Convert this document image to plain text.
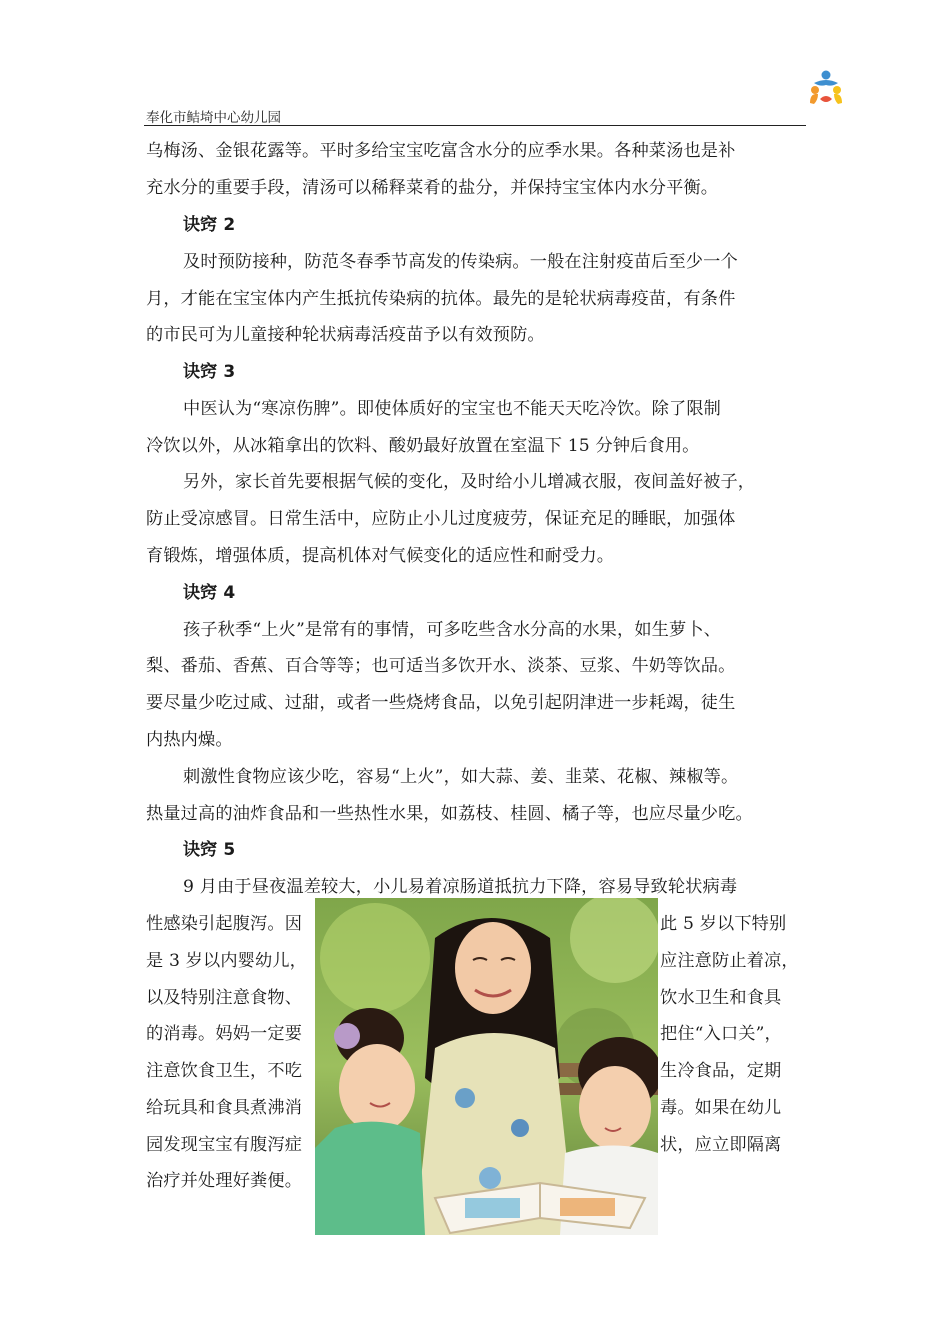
奉化市鲒埼中心幼儿园
乌梅汤、金银花露等。平时多给宝宝吃富含水分的应季水果。各种菜汤也是补
充水分的重要手段，清汤可以稀释菜肴的盐分，并保持宝宝体内水分平衡。
诀窍 2
及时预防接种，防范冬春季节高发的传染病。一般在注射疫苗后至少一个
月，才能在宝宝体内产生抵抗传染病的抗体。最先的是轮状病毒疫苗，有条件
的市民可为儿童接种轮状病毒活疫苗予以有效预防。
诀窍 3
中医认为“寒凉伤脾”。即使体质好的宝宝也不能天天吃冷饮。除了限制
冷饮以外，从冰箱拿出的饮料、酸奶最好放置在室温下 15 分钟后食用。
另外，家长首先要根据气候的变化，及时给小儿增减衣服，夜间盖好被子，
防止受凉感冒。日常生活中，应防止小儿过度疲劳，保证充足的睡眠，加强体
育锻炼，增强体质，提高机体对气候变化的适应性和耐受力。
诀窍 4
孩子秋季“上火”是常有的事情，可多吃些含水分高的水果，如生萝卜、
梨、番茄、香蕉、百合等等；也可适当多饮开水、淡茶、豆浆、牛奶等饮品。
要尽量少吃过咸、过甜，或者一些烧烤食品，以免引起阴津进一步耗竭，徒生
内热内燥。
刺激性食物应该少吃，容易“上火”，如大蒜、姜、韭菜、花椒、辣椒等。
热量过高的油炸食品和一些热性水果，如荔枝、桂圆、橘子等，也应尽量少吃。
诀窍 5
9 月由于昼夜温差较大，小儿易着凉肠道抵抗力下降，容易导致轮状病毒
性感染引起腹泻。因	此 5 岁以下特别
是 3 岁以内婴幼儿，	应注意防止着凉，
以及特别注意食物、	饮水卫生和食具
的消毒。妈妈一定要	把住“入口关”，
注意饮食卫生，不吃	生冷食品，定期
给玩具和食具煮沸消	毒。如果在幼儿
园发现宝宝有腹泻症	状，应立即隔离
治疗并处理好粪便。
